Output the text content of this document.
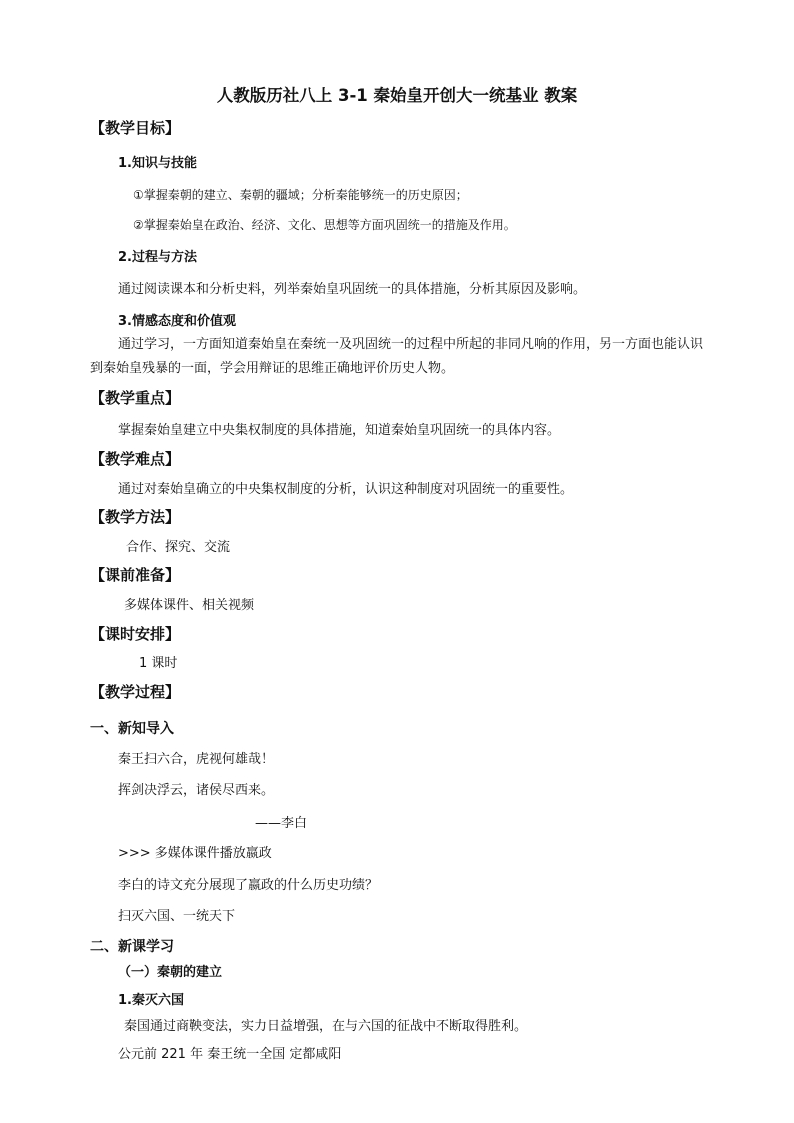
人教版历社八上 3-1 秦始皇开创大一统基业 教案
【教学目标】
1.知识与技能
①掌握秦朝的建立、秦朝的疆域；分析秦能够统一的历史原因；
②掌握秦始皇在政治、经济、文化、思想等方面巩固统一的措施及作用。
2.过程与方法
通过阅读课本和分析史料，列举秦始皇巩固统一的具体措施，分析其原因及影响。
3.情感态度和价值观
通过学习，一方面知道秦始皇在秦统一及巩固统一的过程中所起的非同凡响的作用，另一方面也能认识到秦始皇残暴的一面，学会用辩证的思维正确地评价历史人物。
【教学重点】
掌握秦始皇建立中央集权制度的具体措施，知道秦始皇巩固统一的具体内容。
【教学难点】
通过对秦始皇确立的中央集权制度的分析，认识这种制度对巩固统一的重要性。
【教学方法】
合作、探究、交流
【课前准备】
多媒体课件、相关视频
【课时安排】
1 课时
【教学过程】
一、新知导入
秦王扫六合，虎视何雄哉！
挥剑决浮云，诸侯尽西来。
——李白
>>> 多媒体课件播放嬴政
李白的诗文充分展现了嬴政的什么历史功绩？
扫灭六国、一统天下
二、新课学习
（一）秦朝的建立
1.秦灭六国
秦国通过商鞅变法，实力日益增强，在与六国的征战中不断取得胜利。
公元前 221 年 秦王统一全国 定都咸阳
